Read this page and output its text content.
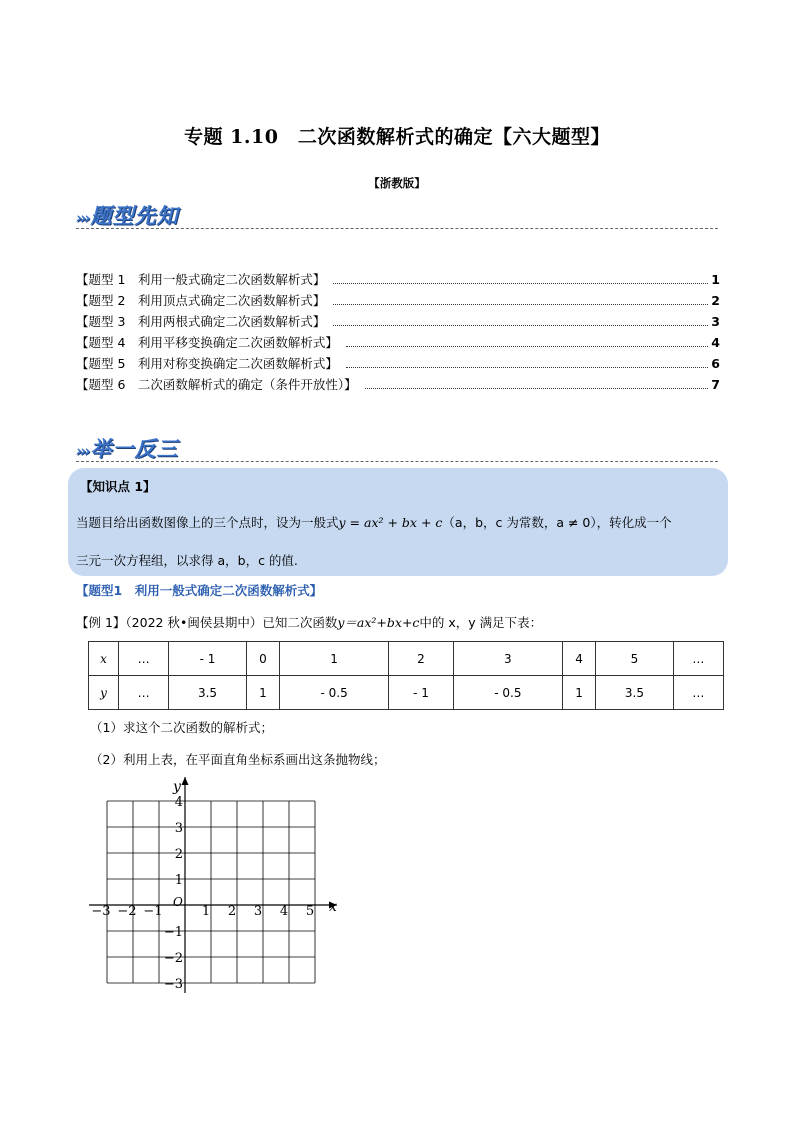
专题 1.10　二次函数解析式的确定【六大题型】
【浙教版】
›››题型先知
【题型 1　利用一般式确定二次函数解析式】	1
【题型 2　利用顶点式确定二次函数解析式】	2
【题型 3　利用两根式确定二次函数解析式】	3
【题型 4　利用平移变换确定二次函数解析式】	4
【题型 5　利用对称变换确定二次函数解析式】	6
【题型 6　二次函数解析式的确定（条件开放性）】	7
›››举一反三
【知识点 1】
当题目给出函数图像上的三个点时，设为一般式y = ax² + bx + c（a，b，c 为常数，a ≠ 0），转化成一个
三元一次方程组，以求得 a，b，c 的值.
【题型1　利用一般式确定二次函数解析式】
【例 1】（2022 秋•闽侯县期中）已知二次函数y＝ax²+bx+c中的 x，y 满足下表：
x	…	- 1	0	1	2	3	4	5	…
y	…	3.5	1	- 0.5	- 1	- 0.5	1	3.5	…
（1）求这个二次函数的解析式；
（2）利用上表，在平面直角坐标系画出这条抛物线；
−3 −2 −1	1 2 3 4 5
4
3
2
1
−1
−2
−3
x
y
O
